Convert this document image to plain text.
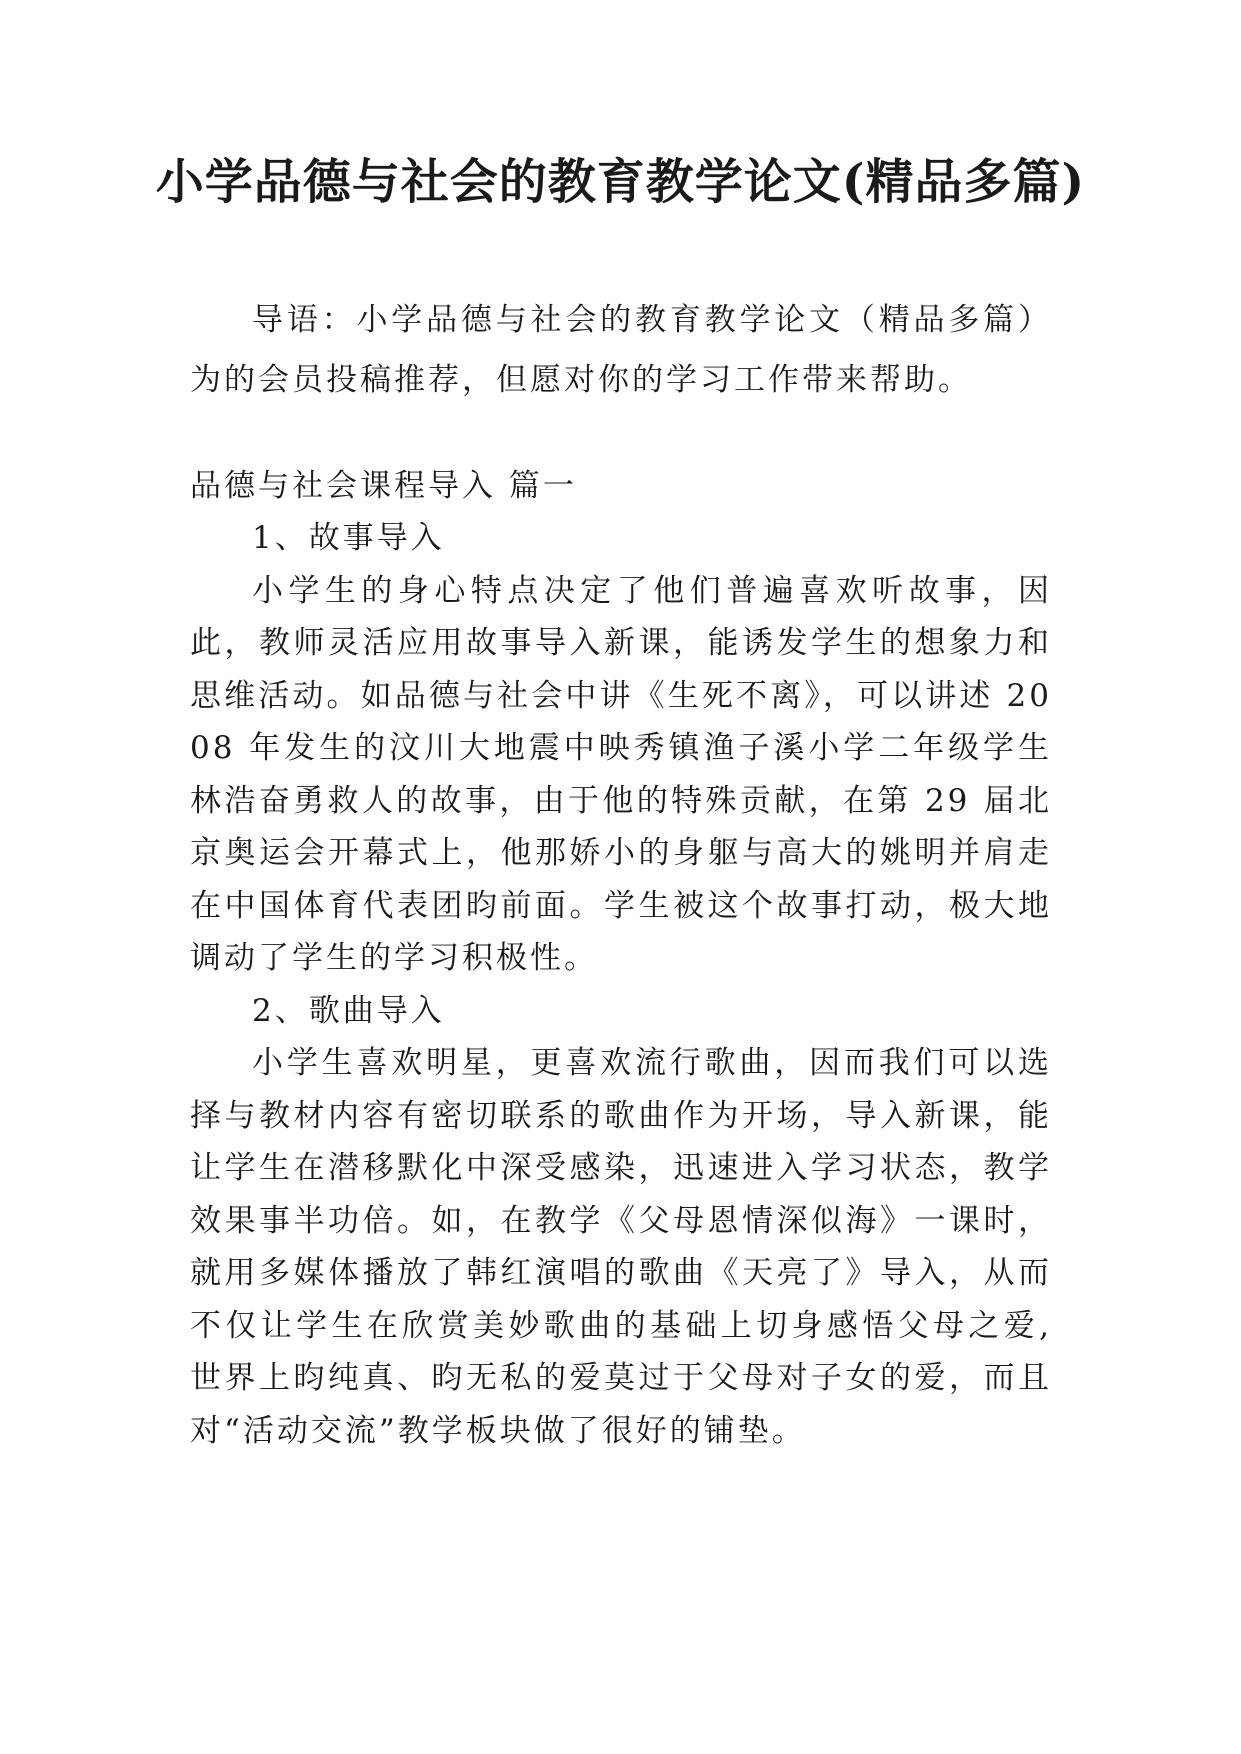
小学品德与社会的教育教学论文(精品多篇)

导语：小学品德与社会的教育教学论文（精品多篇）为的会员投稿推荐，但愿对你的学习工作带来帮助。

品德与社会课程导入 篇一

1、故事导入

小学生的身心特点决定了他们普遍喜欢听故事，因此，教师灵活应用故事导入新课，能诱发学生的想象力和思维活动。如品德与社会中讲《生死不离》，可以讲述 2008 年发生的汶川大地震中映秀镇渔子溪小学二年级学生林浩奋勇救人的故事，由于他的特殊贡献，在第 29 届北京奥运会开幕式上，他那娇小的身躯与高大的姚明并肩走在中国体育代表团昀前面。学生被这个故事打动，极大地调动了学生的学习积极性。

2、歌曲导入

小学生喜欢明星，更喜欢流行歌曲，因而我们可以选择与教材内容有密切联系的歌曲作为开场，导入新课，能让学生在潜移默化中深受感染，迅速进入学习状态，教学效果事半功倍。如，在教学《父母恩情深似海》一课时，就用多媒体播放了韩红演唱的歌曲《天亮了》导入，从而不仅让学生在欣赏美妙歌曲的基础上切身感悟父母之爱,世界上昀纯真、昀无私的爱莫过于父母对子女的爱，而且对“活动交流”教学板块做了很好的铺垫。
